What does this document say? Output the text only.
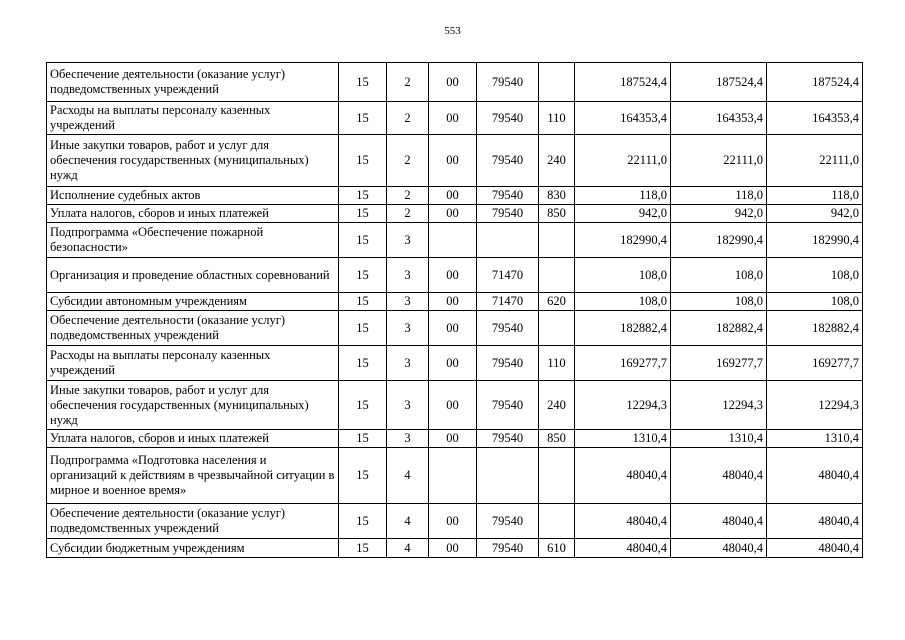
553
Обеспечение деятельности (оказание услуг) подведомственных учреждений	15	2	00	79540		187524,4	187524,4	187524,4
Расходы на выплаты персоналу казенных учреждений	15	2	00	79540	110	164353,4	164353,4	164353,4
Иные закупки товаров, работ и услуг для обеспечения государственных (муниципальных) нужд	15	2	00	79540	240	22111,0	22111,0	22111,0
Исполнение судебных актов	15	2	00	79540	830	118,0	118,0	118,0
Уплата налогов, сборов и иных платежей	15	2	00	79540	850	942,0	942,0	942,0
Подпрограмма «Обеспечение пожарной безопасности»	15	3				182990,4	182990,4	182990,4
Организация и проведение областных соревнований	15	3	00	71470		108,0	108,0	108,0
Субсидии автономным учреждениям	15	3	00	71470	620	108,0	108,0	108,0
Обеспечение деятельности (оказание услуг) подведомственных учреждений	15	3	00	79540		182882,4	182882,4	182882,4
Расходы на выплаты персоналу казенных учреждений	15	3	00	79540	110	169277,7	169277,7	169277,7
Иные закупки товаров, работ и услуг для обеспечения государственных (муниципальных) нужд	15	3	00	79540	240	12294,3	12294,3	12294,3
Уплата налогов, сборов и иных платежей	15	3	00	79540	850	1310,4	1310,4	1310,4
Подпрограмма «Подготовка населения и организаций к действиям в чрезвычайной ситуации в мирное и военное время»	15	4				48040,4	48040,4	48040,4
Обеспечение деятельности (оказание услуг) подведомственных учреждений	15	4	00	79540		48040,4	48040,4	48040,4
Субсидии бюджетным учреждениям	15	4	00	79540	610	48040,4	48040,4	48040,4
